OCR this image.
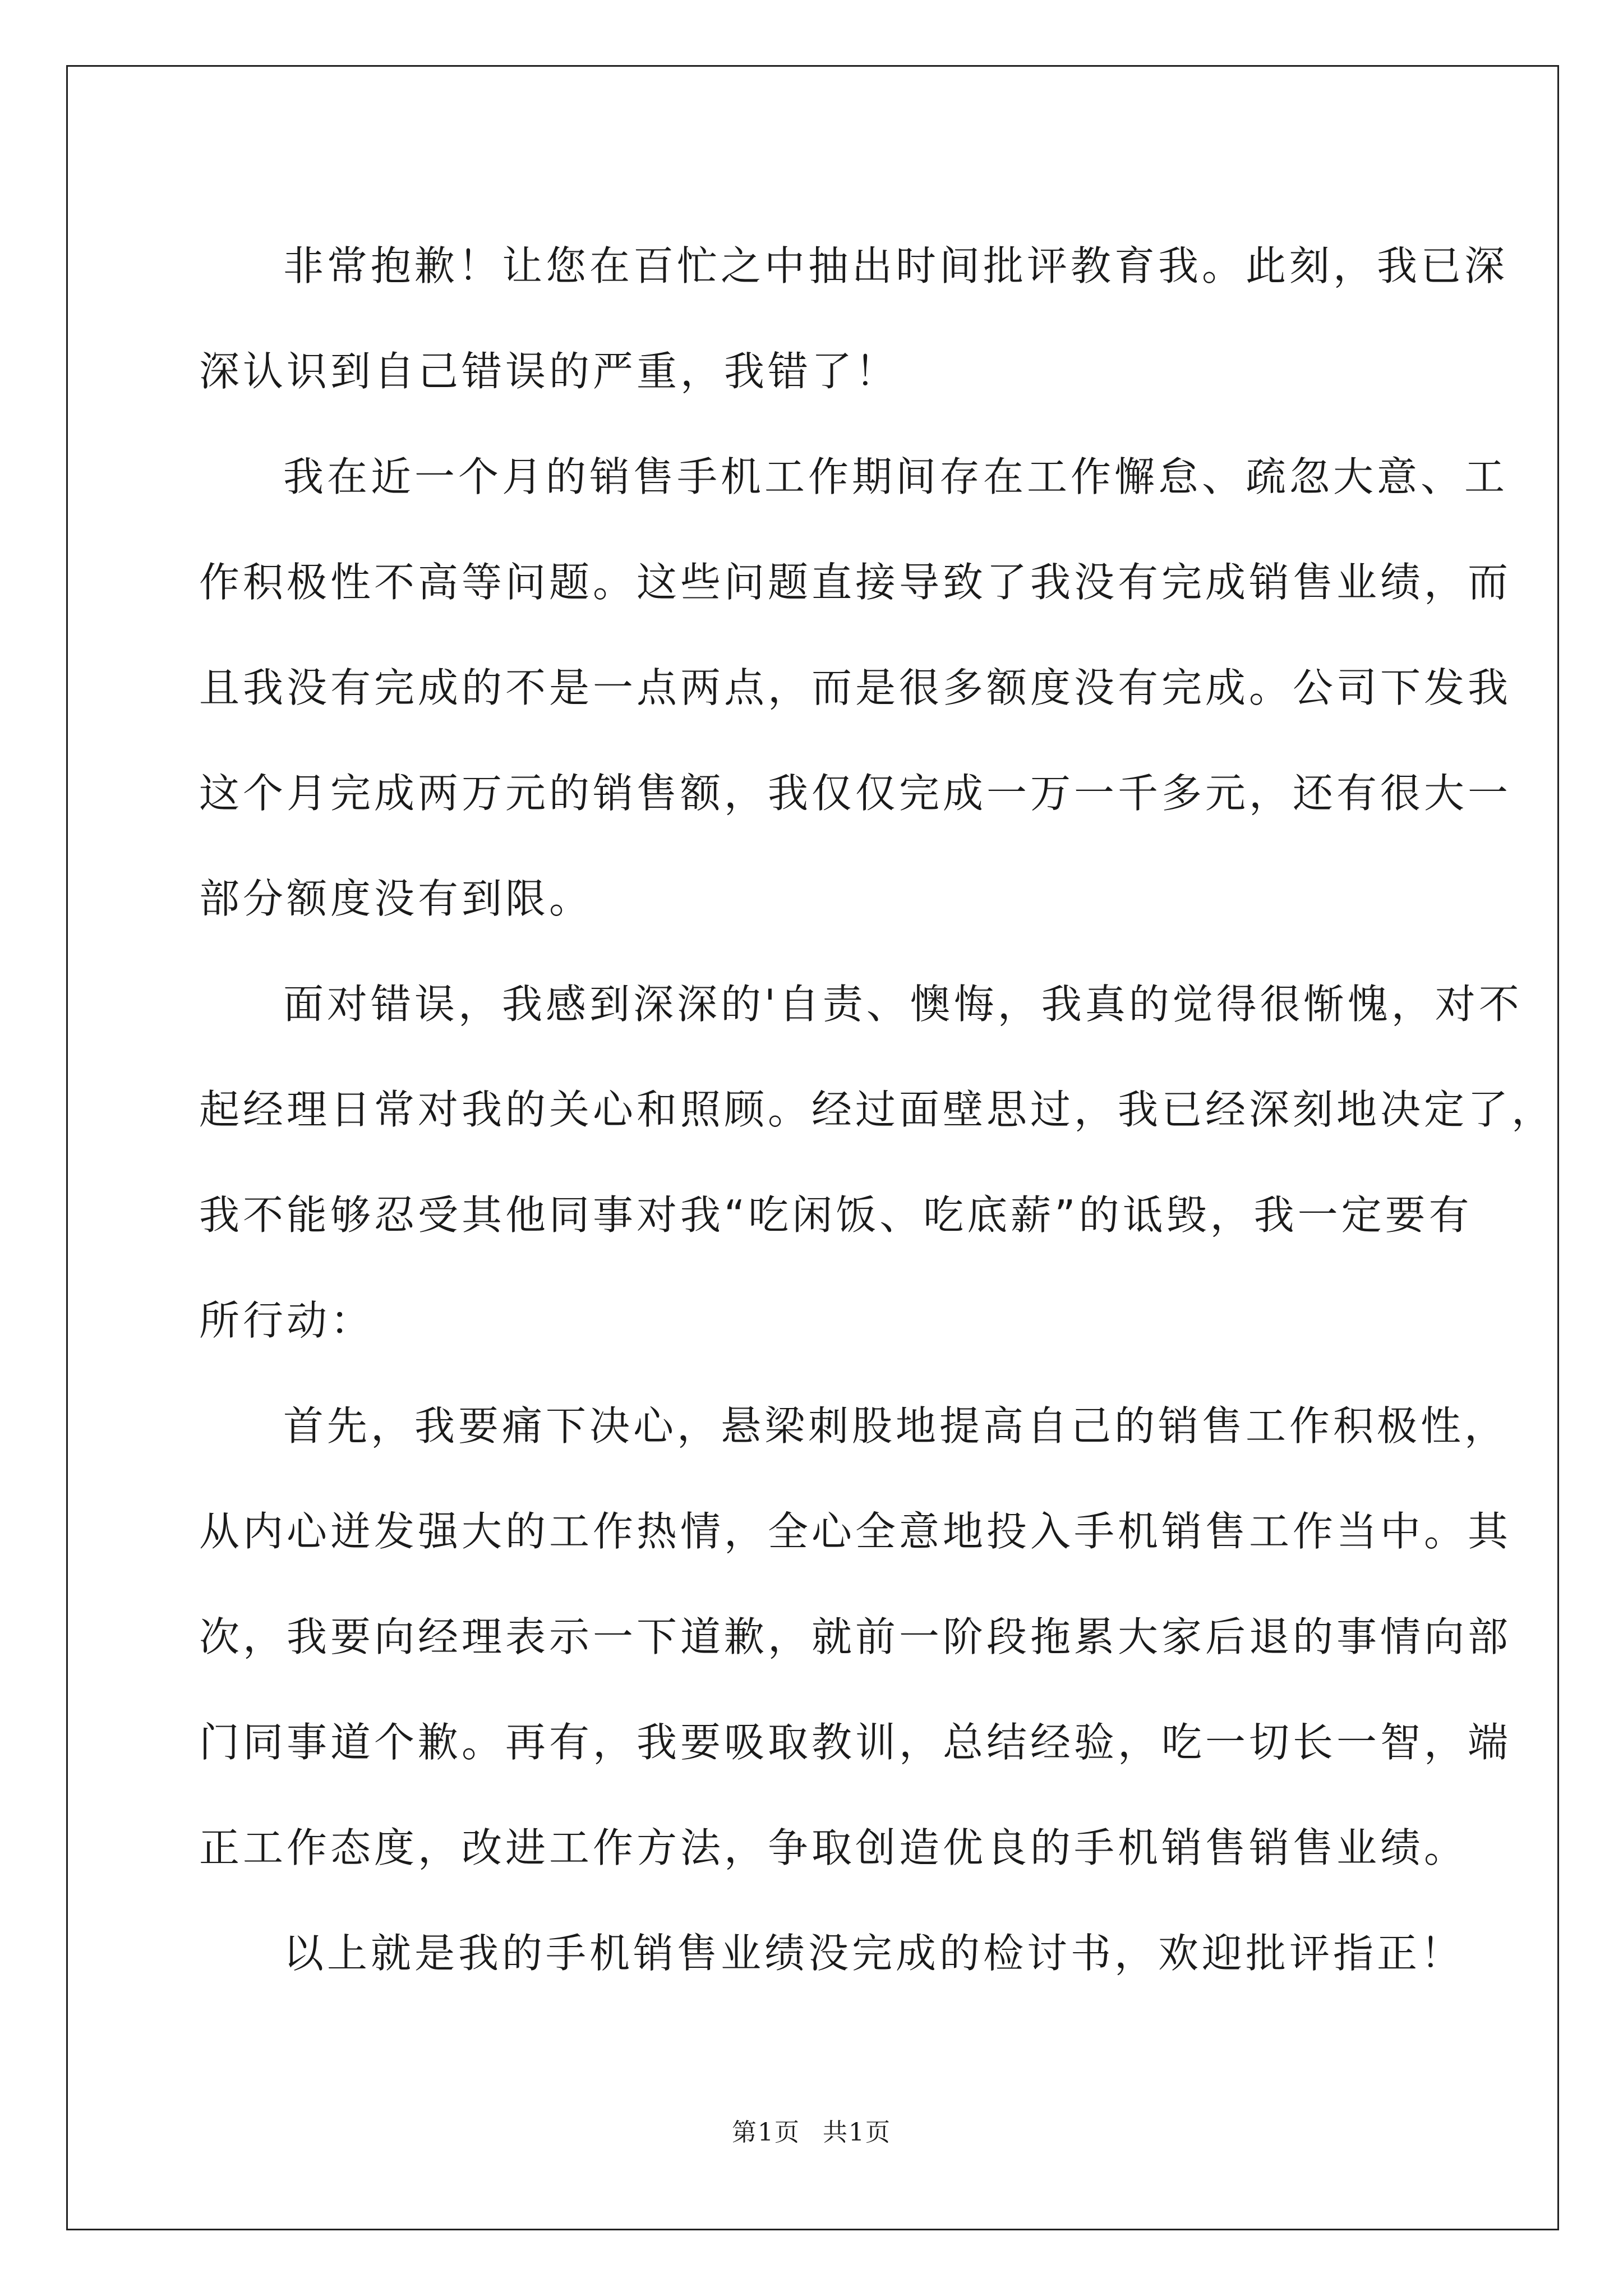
非常抱歉！让您在百忙之中抽出时间批评教育我。此刻，我已深
深认识到自己错误的严重，我错了！
我在近一个月的销售手机工作期间存在工作懈怠、疏忽大意、工
作积极性不高等问题。这些问题直接导致了我没有完成销售业绩，而
且我没有完成的不是一点两点，而是很多额度没有完成。公司下发我
这个月完成两万元的销售额，我仅仅完成一万一千多元，还有很大一
部分额度没有到限。
面对错误，我感到深深的'自责、懊悔，我真的觉得很惭愧，对不
起经理日常对我的关心和照顾。经过面壁思过，我已经深刻地决定了，
我不能够忍受其他同事对我“吃闲饭、吃底薪”的诋毁，我一定要有
所行动：
首先，我要痛下决心，悬梁刺股地提高自己的销售工作积极性，
从内心迸发强大的工作热情，全心全意地投入手机销售工作当中。其
次，我要向经理表示一下道歉，就前一阶段拖累大家后退的事情向部
门同事道个歉。再有，我要吸取教训，总结经验，吃一切长一智，端
正工作态度，改进工作方法，争取创造优良的手机销售销售业绩。
以上就是我的手机销售业绩没完成的检讨书，欢迎批评指正！
第1页 共1页
